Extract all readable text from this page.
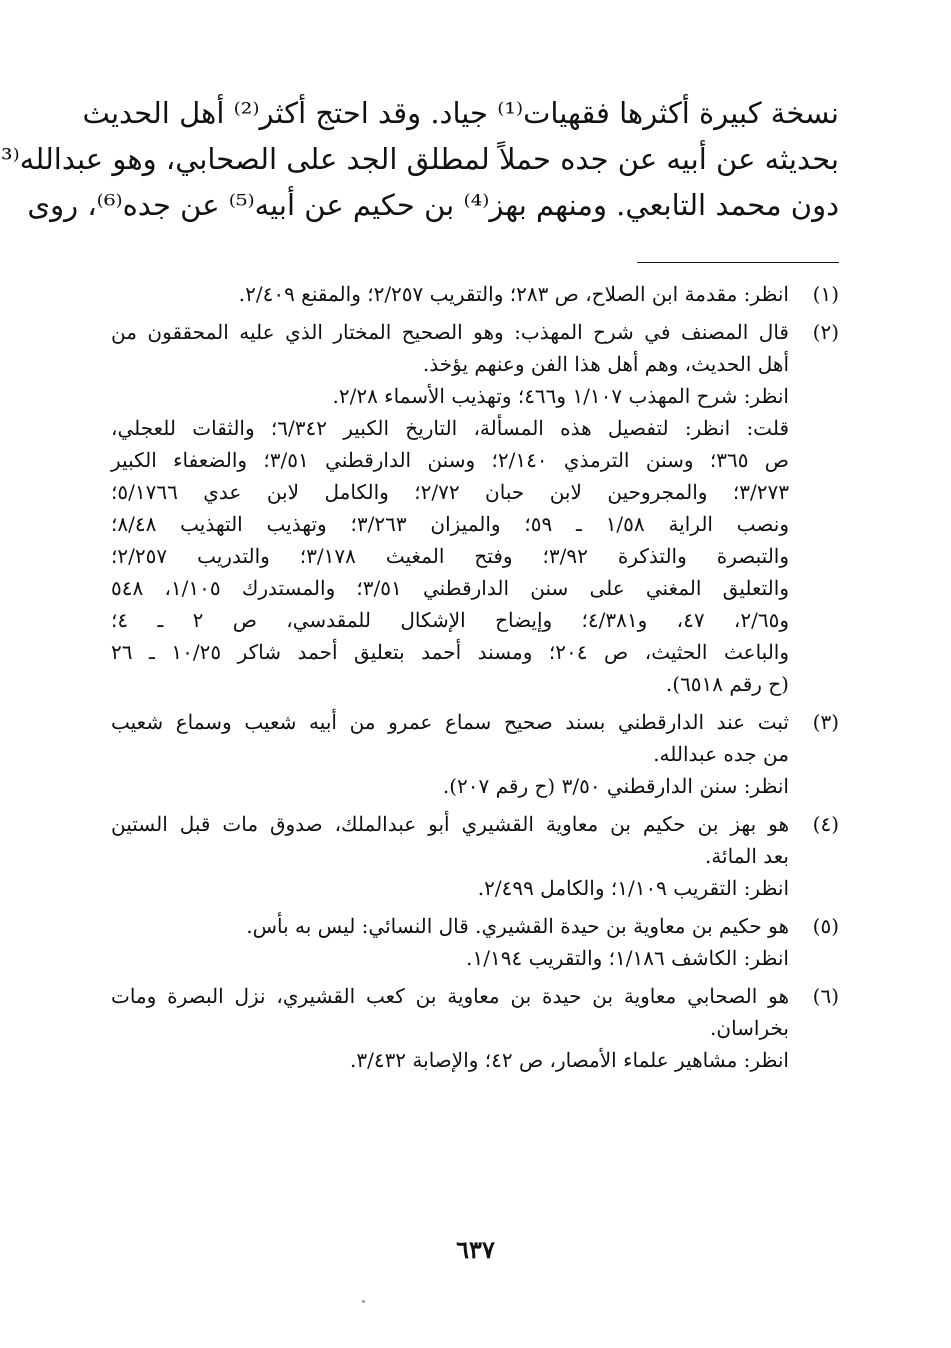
نسخة كبيرة أكثرها فقهيات⁽¹⁾ جياد. وقد احتج أكثر⁽²⁾ أهل الحديث
بحديثه عن أبيه عن جده حملاً لمطلق الجد على الصحابي، وهو عبدالله⁽³
دون محمد التابعي. ومنهم بهز⁽⁴⁾ بن حكيم عن أبيه⁽⁵⁾ عن جده⁽⁶⁾، روى
(١)
انظر: مقدمة ابن الصلاح، ص ٢٨٣؛ والتقريب ٢/٢٥٧؛ والمقنع ٢/٤٠٩.
(٢)
قال المصنف في شرح المهذب: وهو الصحيح المختار الذي عليه المحققون من
أهل الحديث، وهم أهل هذا الفن وعنهم يؤخذ.
انظر: شرح المهذب ١/١٠٧ و٤٦٦؛ وتهذيب الأسماء ٢/٢٨.
قلت: انظر: لتفصيل هذه المسألة، التاريخ الكبير ٦/٣٤٢؛ والثقات للعجلي،
ص ٣٦٥؛ وسنن الترمذي ٢/١٤٠؛ وسنن الدارقطني ٣/٥١؛ والضعفاء الكبير
٣/٢٧٣؛ والمجروحين لابن حبان ٢/٧٢؛ والكامل لابن عدي ٥/١٧٦٦؛
ونصب الراية ١/٥٨ ـ ٥٩؛ والميزان ٣/٢٦٣؛ وتهذيب التهذيب ٨/٤٨؛
والتبصرة والتذكرة ٣/٩٢؛ وفتح المغيث ٣/١٧٨؛ والتدريب ٢/٢٥٧؛
والتعليق المغني على سنن الدارقطني ٣/٥١؛ والمستدرك ١/١٠٥، ٥٤٨
و٢/٦٥، ٤٧، و٤/٣٨١؛ وإيضاح الإشكال للمقدسي، ص ٢ ـ ٤؛
والباعث الحثيث، ص ٢٠٤؛ ومسند أحمد بتعليق أحمد شاكر ١٠/٢٥ ـ ٢٦
(ح رقم ٦٥١٨).
(٣)
ثبت عند الدارقطني بسند صحيح سماع عمرو من أبيه شعيب وسماع شعيب
من جده عبدالله.
انظر: سنن الدارقطني ٣/٥٠ (ح رقم ٢٠٧).
(٤)
هو بهز بن حكيم بن معاوية القشيري أبو عبدالملك، صدوق مات قبل الستين
بعد المائة.
انظر: التقريب ١/١٠٩؛ والكامل ٢/٤٩٩.
(٥)
هو حكيم بن معاوية بن حيدة القشيري. قال النسائي: ليس به بأس.
انظر: الكاشف ١/١٨٦؛ والتقريب ١/١٩٤.
(٦)
هو الصحابي معاوية بن حيدة بن معاوية بن كعب القشيري، نزل البصرة ومات
بخراسان.
انظر: مشاهير علماء الأمصار، ص ٤٢؛ والإصابة ٣/٤٣٢.
٦٣٧
